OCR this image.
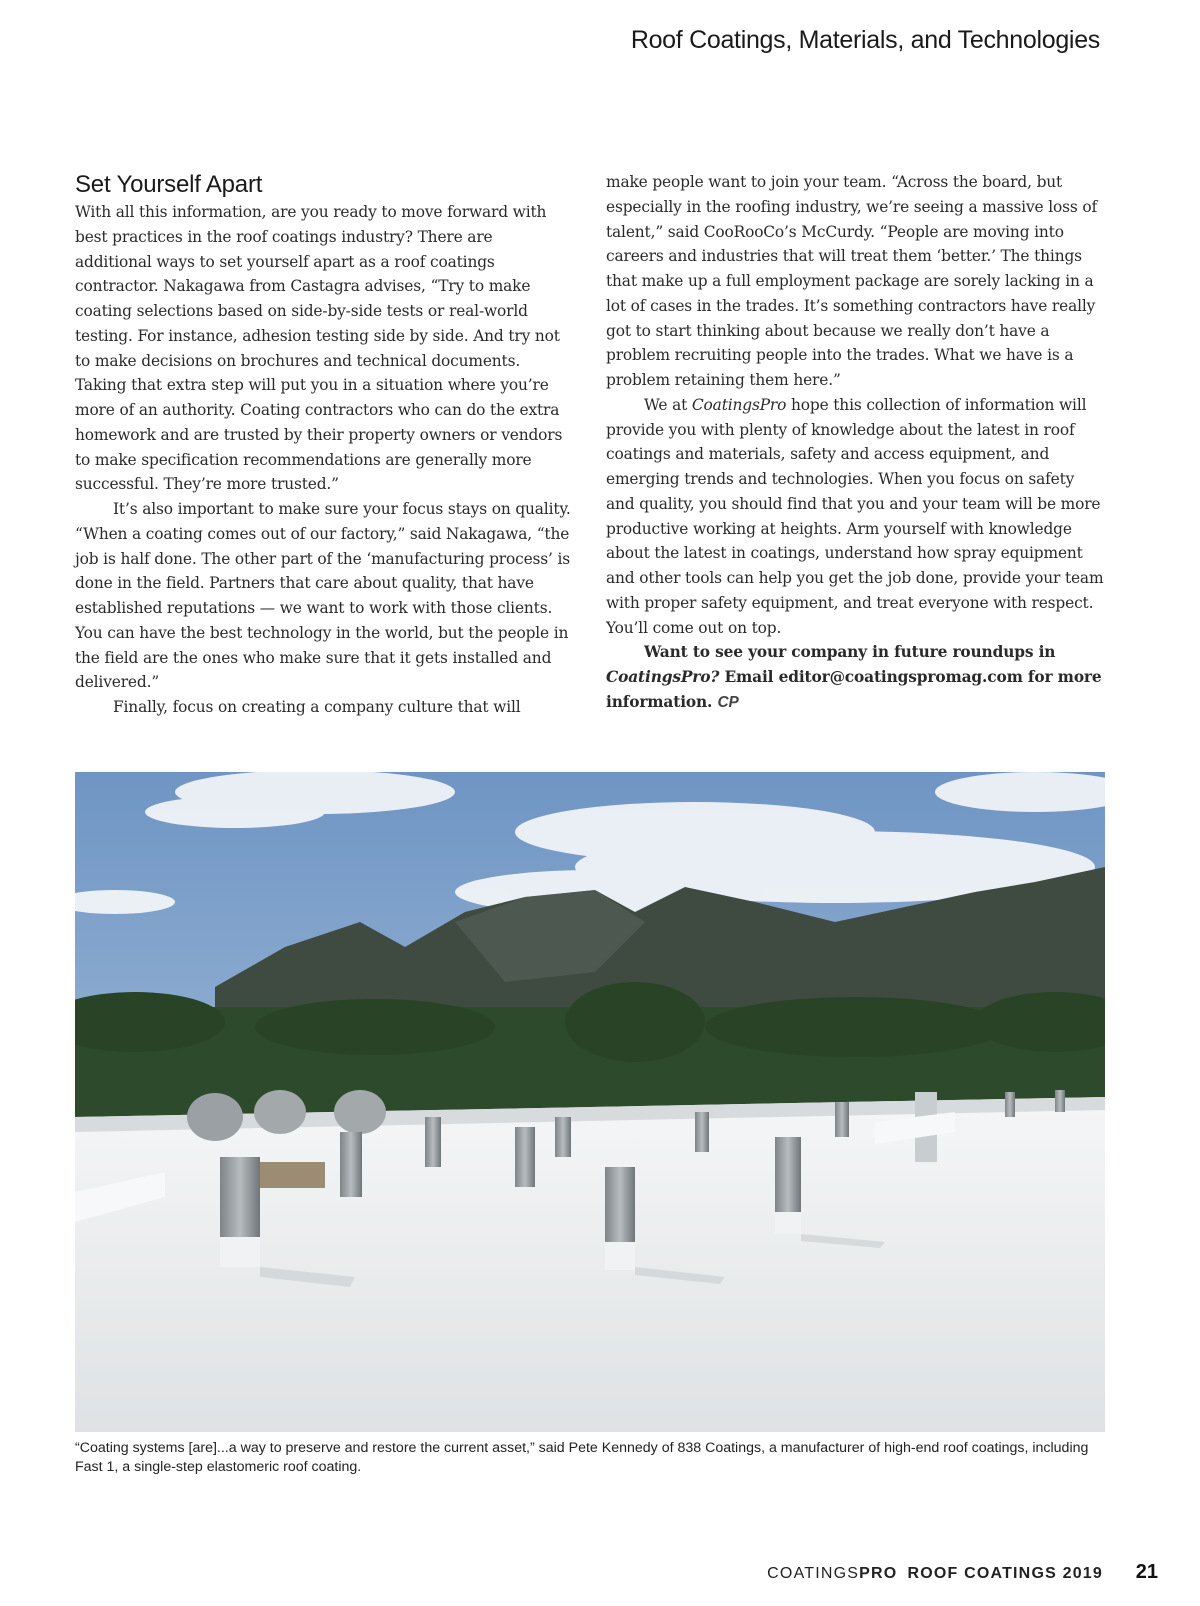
Roof Coatings, Materials, and Technologies
Set Yourself Apart

With all this information, are you ready to move forward with best practices in the roof coatings industry? There are additional ways to set yourself apart as a roof coatings contractor. Nakagawa from Castagra advises, “Try to make coating selections based on side-by-side tests or real-world testing. For instance, adhesion testing side by side. And try not to make decisions on brochures and technical documents. Taking that extra step will put you in a situation where you’re more of an authority. Coating contractors who can do the extra homework and are trusted by their property owners or vendors to make specification recommendations are generally more successful. They’re more trusted.”

It’s also important to make sure your focus stays on quality. “When a coating comes out of our factory,” said Nakagawa, “the job is half done. The other part of the ‘manufacturing process’ is done in the field. Partners that care about quality, that have established reputations — we want to work with those clients. You can have the best technology in the world, but the people in the field are the ones who make sure that it gets installed and delivered.”

Finally, focus on creating a company culture that will

make people want to join your team. “Across the board, but especially in the roofing industry, we’re seeing a massive loss of talent,” said CooRooCo’s McCurdy. “People are moving into careers and industries that will treat them ‘better.’ The things that make up a full employment package are sorely lacking in a lot of cases in the trades. It’s something contractors have really got to start thinking about because we really don’t have a problem recruiting people into the trades. What we have is a problem retaining them here.”

We at CoatingsPro hope this collection of information will provide you with plenty of knowledge about the latest in roof coatings and materials, safety and access equipment, and emerging trends and technologies. When you focus on safety and quality, you should find that you and your team will be more productive working at heights. Arm yourself with knowledge about the latest in coatings, understand how spray equipment and other tools can help you get the job done, provide your team with proper safety equipment, and treat everyone with respect. You’ll come out on top.

Want to see your company in future roundups in CoatingsPro? Email editor@coatingspromag.com for more information. CP

“Coating systems [are]...a way to preserve and restore the current asset,” said Pete Kennedy of 838 Coatings, a manufacturer of high-end roof coatings, including Fast 1, a single-step elastomeric roof coating.
COATINGSPRO ROOF COATINGS 2019 21
